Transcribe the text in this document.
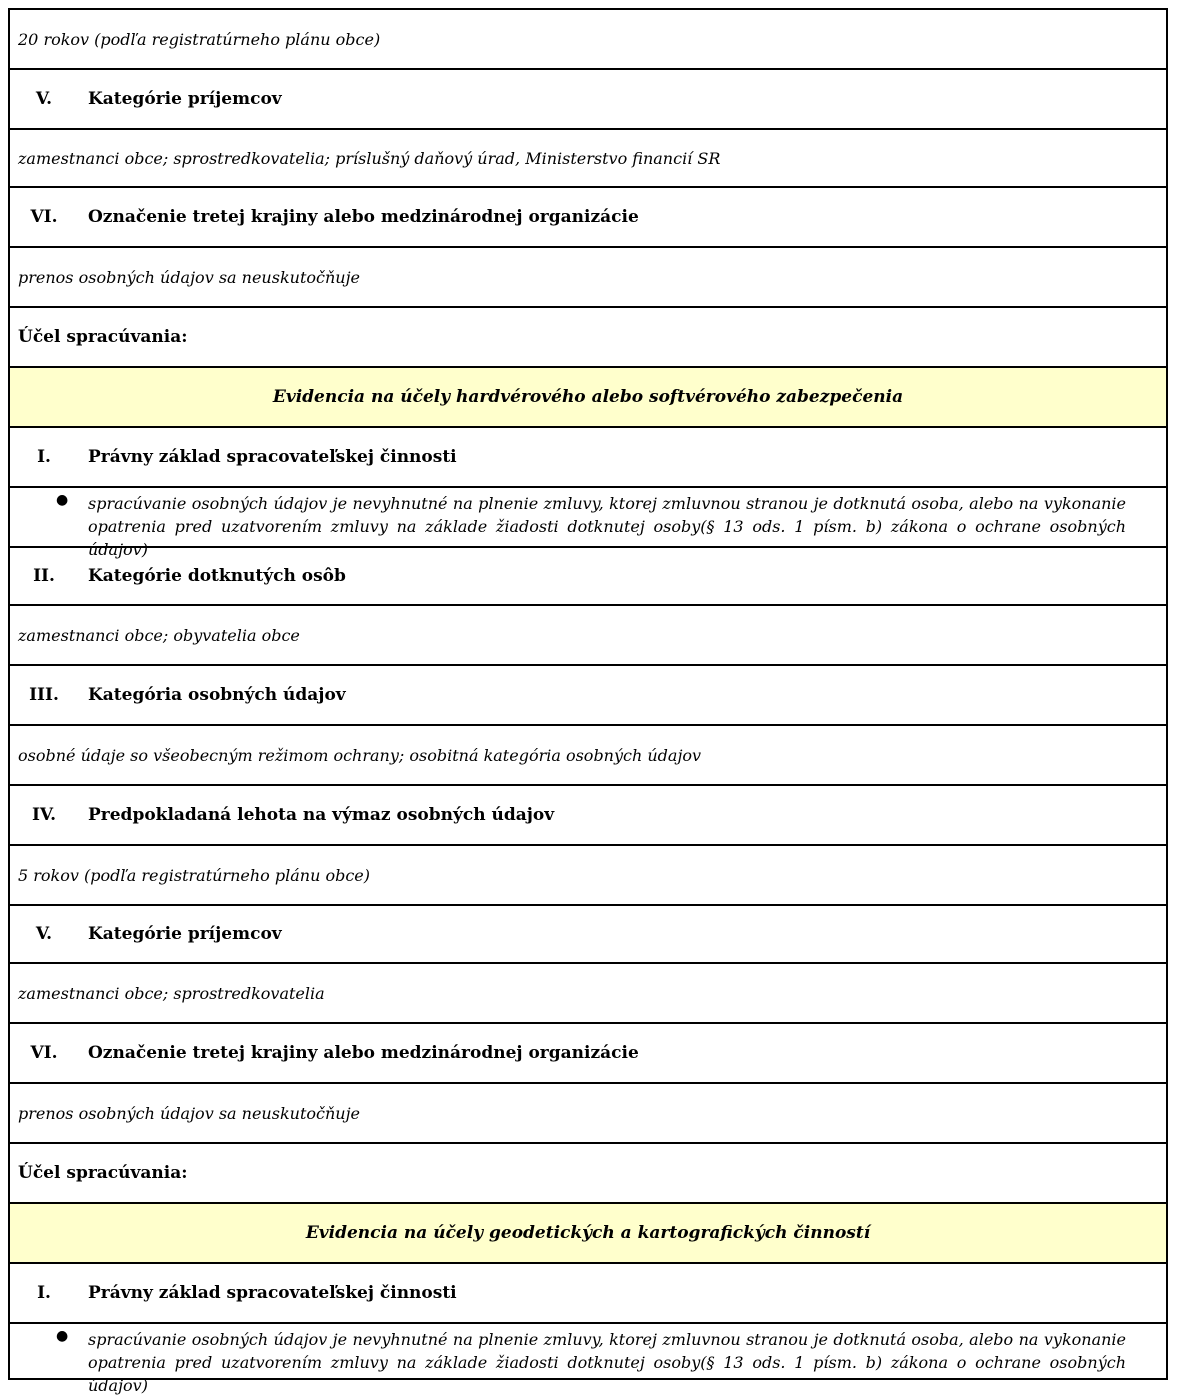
20 rokov (podľa registratúrneho plánu obce)
V.	Kategórie príjemcov
zamestnanci obce; sprostredkovatelia; príslušný daňový úrad, Ministerstvo financií SR
VI.	Označenie tretej krajiny alebo medzinárodnej organizácie
prenos osobných údajov sa neuskutočňuje
Účel spracúvania:
Evidencia na účely hardvérového alebo softvérového zabezpečenia
I.	Právny základ spracovateľskej činnosti
● spracúvanie osobných údajov je nevyhnutné na plnenie zmluvy, ktorej zmluvnou stranou je dotknutá osoba, alebo na vykonanie opatrenia pred uzatvorením zmluvy na základe žiadosti dotknutej osoby(§ 13 ods. 1 písm. b) zákona o ochrane osobných údajov)
II.	Kategórie dotknutých osôb
zamestnanci obce; obyvatelia obce
III.	Kategória osobných údajov
osobné údaje so všeobecným režimom ochrany; osobitná kategória osobných údajov
IV.	Predpokladaná lehota na výmaz osobných údajov
5 rokov (podľa registratúrneho plánu obce)
V.	Kategórie príjemcov
zamestnanci obce; sprostredkovatelia
VI.	Označenie tretej krajiny alebo medzinárodnej organizácie
prenos osobných údajov sa neuskutočňuje
Účel spracúvania:
Evidencia na účely geodetických a kartografických činností
I.	Právny základ spracovateľskej činnosti
● spracúvanie osobných údajov je nevyhnutné na plnenie zmluvy, ktorej zmluvnou stranou je dotknutá osoba, alebo na vykonanie opatrenia pred uzatvorením zmluvy na základe žiadosti dotknutej osoby(§ 13 ods. 1 písm. b) zákona o ochrane osobných údajov)
